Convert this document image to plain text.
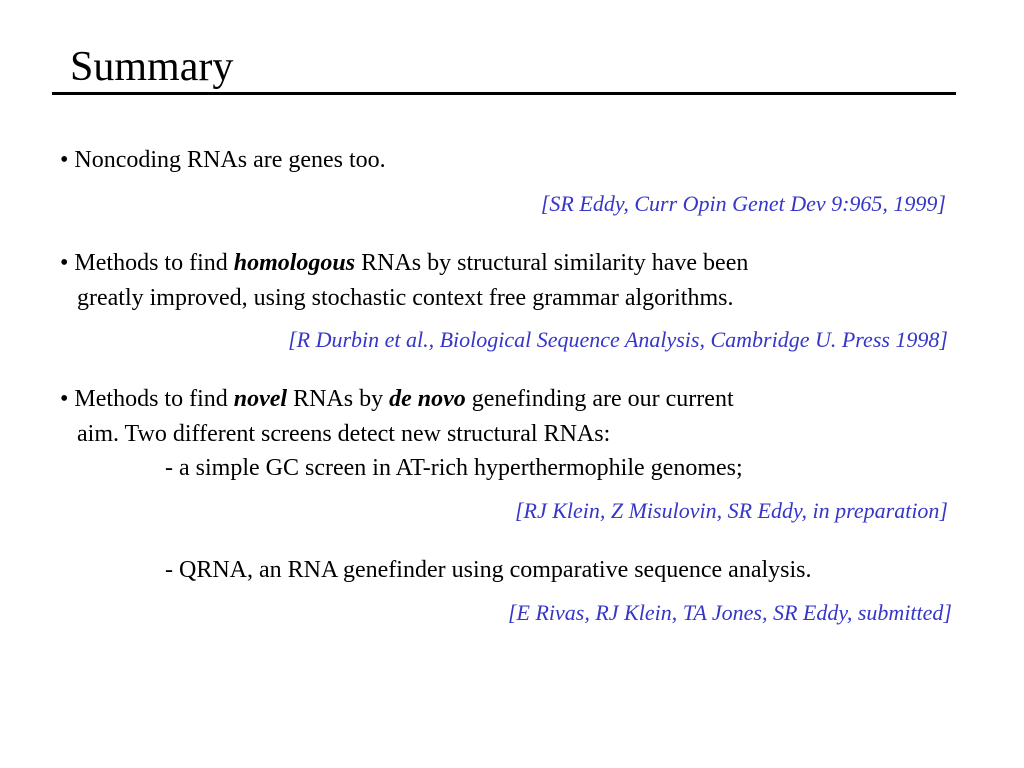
Summary
• Noncoding RNAs are genes too.
[SR Eddy, Curr Opin Genet Dev 9:965, 1999]
• Methods to find homologous RNAs by structural similarity have been
greatly improved, using stochastic context free grammar algorithms.
[R Durbin et al., Biological Sequence Analysis, Cambridge U. Press 1998]
• Methods to find novel RNAs by de novo genefinding are our current
aim. Two different screens detect new structural RNAs:
- a simple GC screen in AT-rich hyperthermophile genomes;
[RJ Klein, Z Misulovin, SR Eddy, in preparation]
- QRNA, an RNA genefinder using comparative sequence analysis.
[E Rivas, RJ Klein, TA Jones, SR Eddy, submitted]
